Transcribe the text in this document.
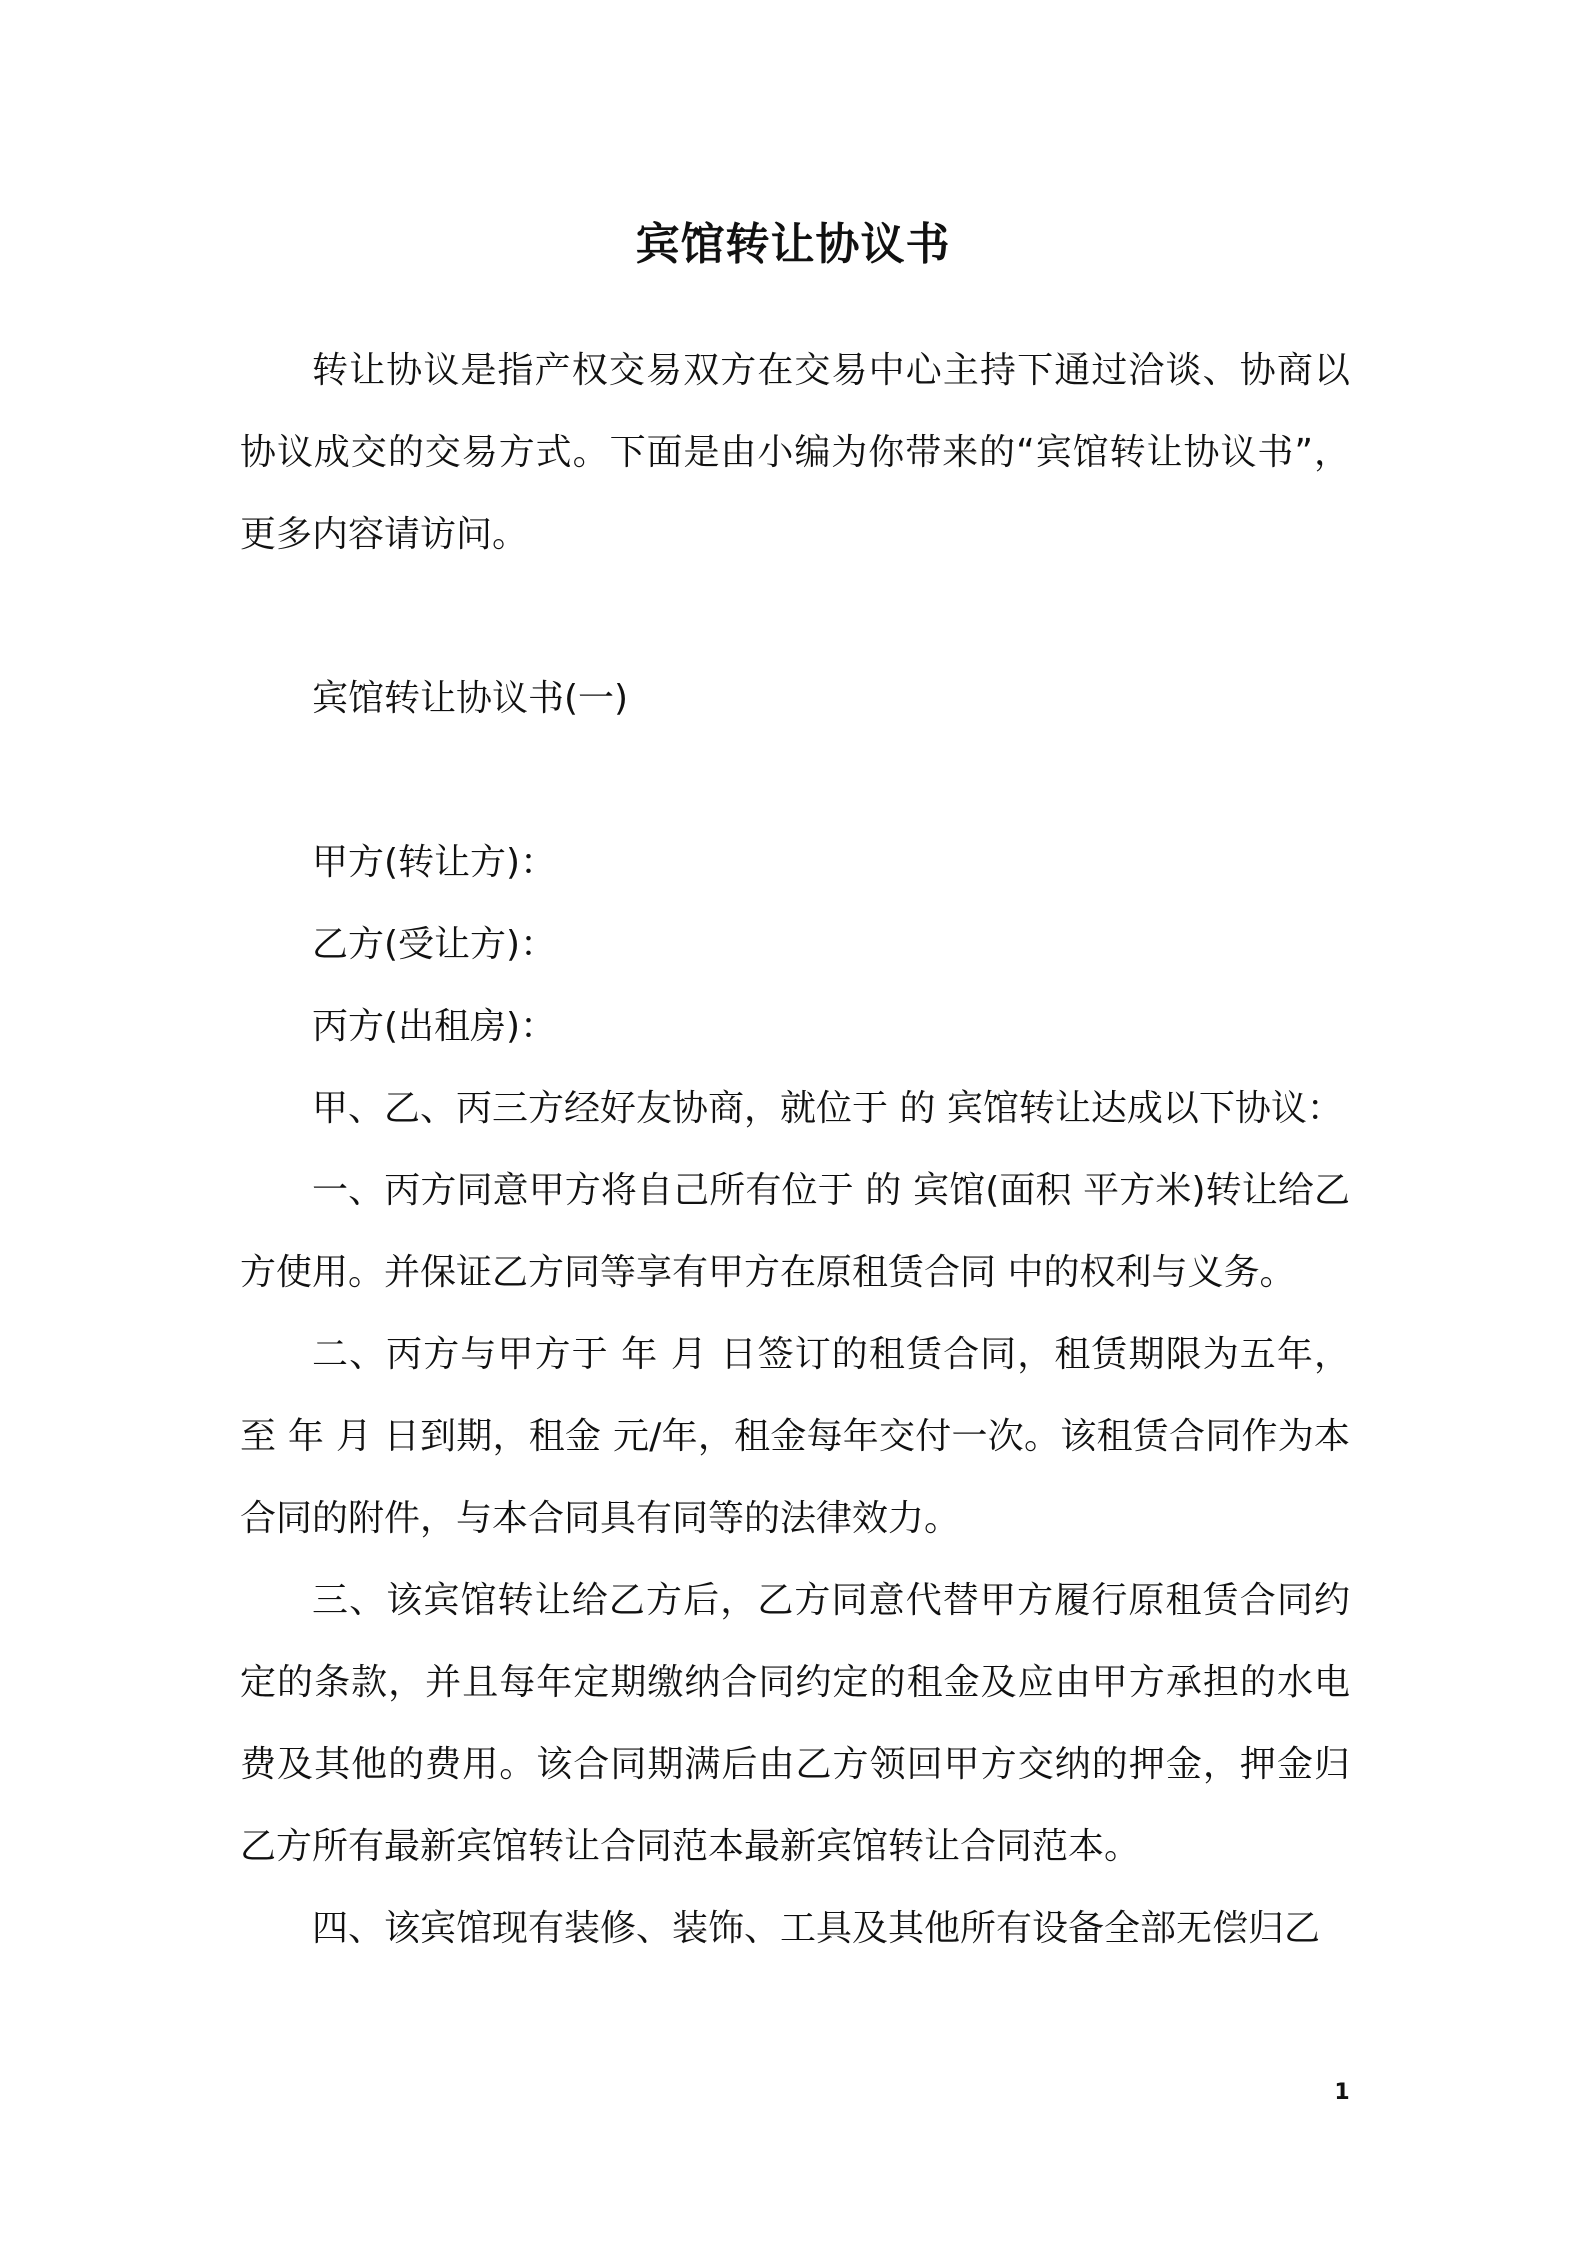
宾馆转让协议书

转让协议是指产权交易双方在交易中心主持下通过洽谈、协商以协议成交的交易方式。下面是由小编为你带来的“宾馆转让协议书”，更多内容请访问。

宾馆转让协议书(一)

甲方(转让方)：

乙方(受让方)：

丙方(出租房)：

甲、乙、丙三方经好友协商，就位于 的 宾馆转让达成以下协议：

一、丙方同意甲方将自己所有位于 的 宾馆(面积 平方米)转让给乙方使用。并保证乙方同等享有甲方在原租赁合同 中的权利与义务。

二、丙方与甲方于 年 月 日签订的租赁合同，租赁期限为五年，至 年 月 日到期，租金 元/年，租金每年交付一次。该租赁合同作为本合同的附件，与本合同具有同等的法律效力。

三、该宾馆转让给乙方后，乙方同意代替甲方履行原租赁合同约定的条款，并且每年定期缴纳合同约定的租金及应由甲方承担的水电费及其他的费用。该合同期满后由乙方领回甲方交纳的押金，押金归乙方所有最新宾馆转让合同范本最新宾馆转让合同范本。

四、该宾馆现有装修、装饰、工具及其他所有设备全部无偿归乙

1
